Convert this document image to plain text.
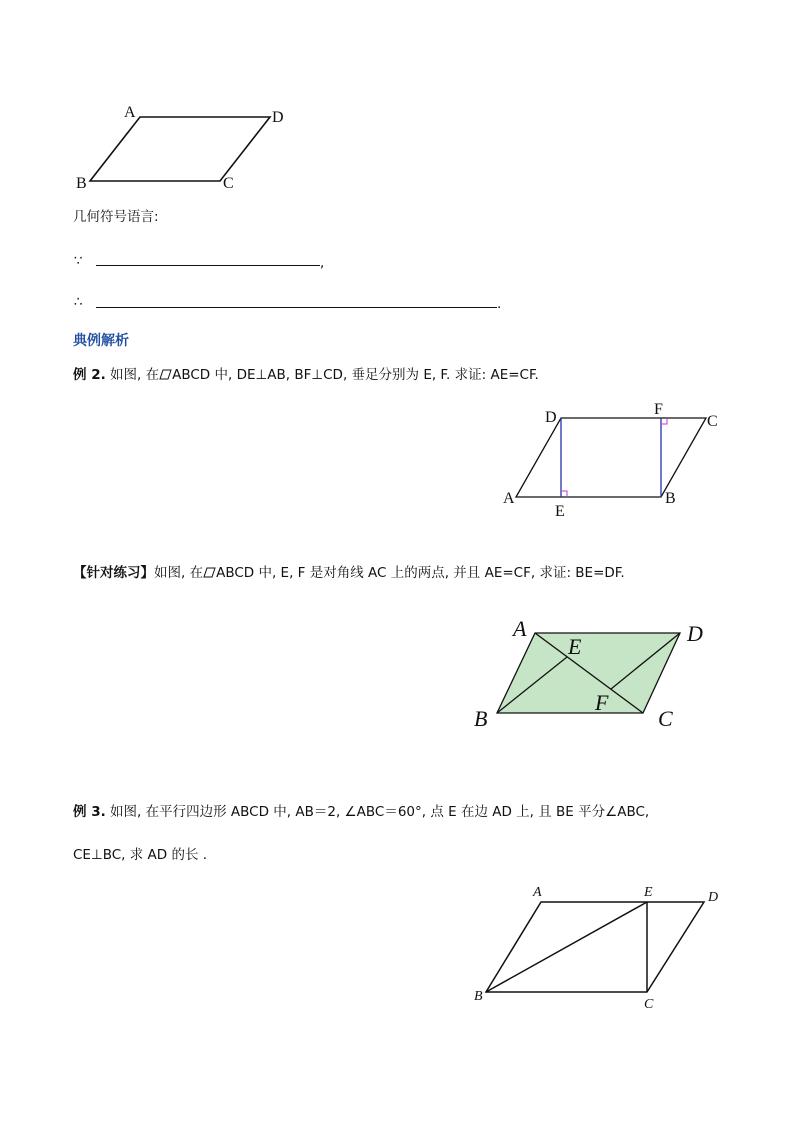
A	D
B	C
几何符号语言:
∵	,
∴	.
典例解析
例 2. 如图, 在 ABCD 中, DE⊥AB, BF⊥CD, 垂足分别为 E, F. 求证: AE=CF.
D	F
C
A
E
B
【针对练习】如图, 在 ABCD 中, E, F 是对角线 AC 上的两点, 并且 AE=CF, 求证: BE=DF.
A
E
D
F
B	C
例 3. 如图, 在平行四边形 ABCD 中, AB＝2, ∠ABC＝60°, 点 E 在边 AD 上, 且 BE 平分∠ABC,
CE⊥BC, 求 AD 的长 .
A	E	D
B
C
